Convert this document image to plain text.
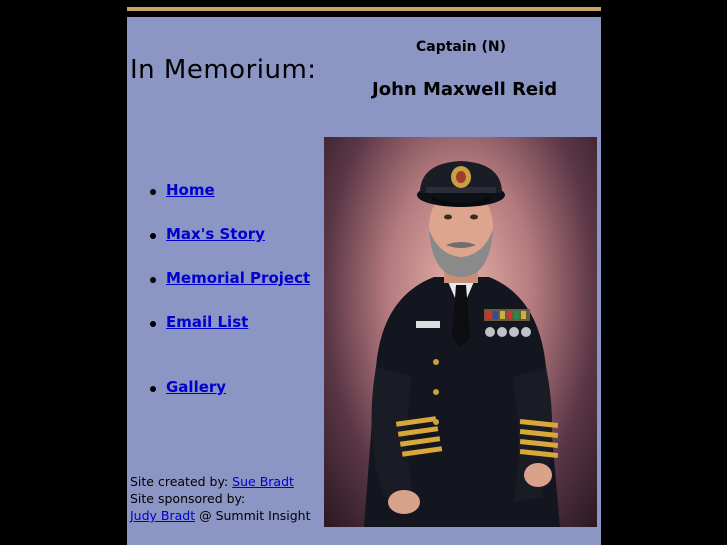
Captain (N)
In Memorium:
John Maxwell Reid
Home
Max's Story
Memorial Project
Email List
Gallery
Site created by: Sue Bradt
Site sponsored by:
Judy Bradt @ Summit Insight
